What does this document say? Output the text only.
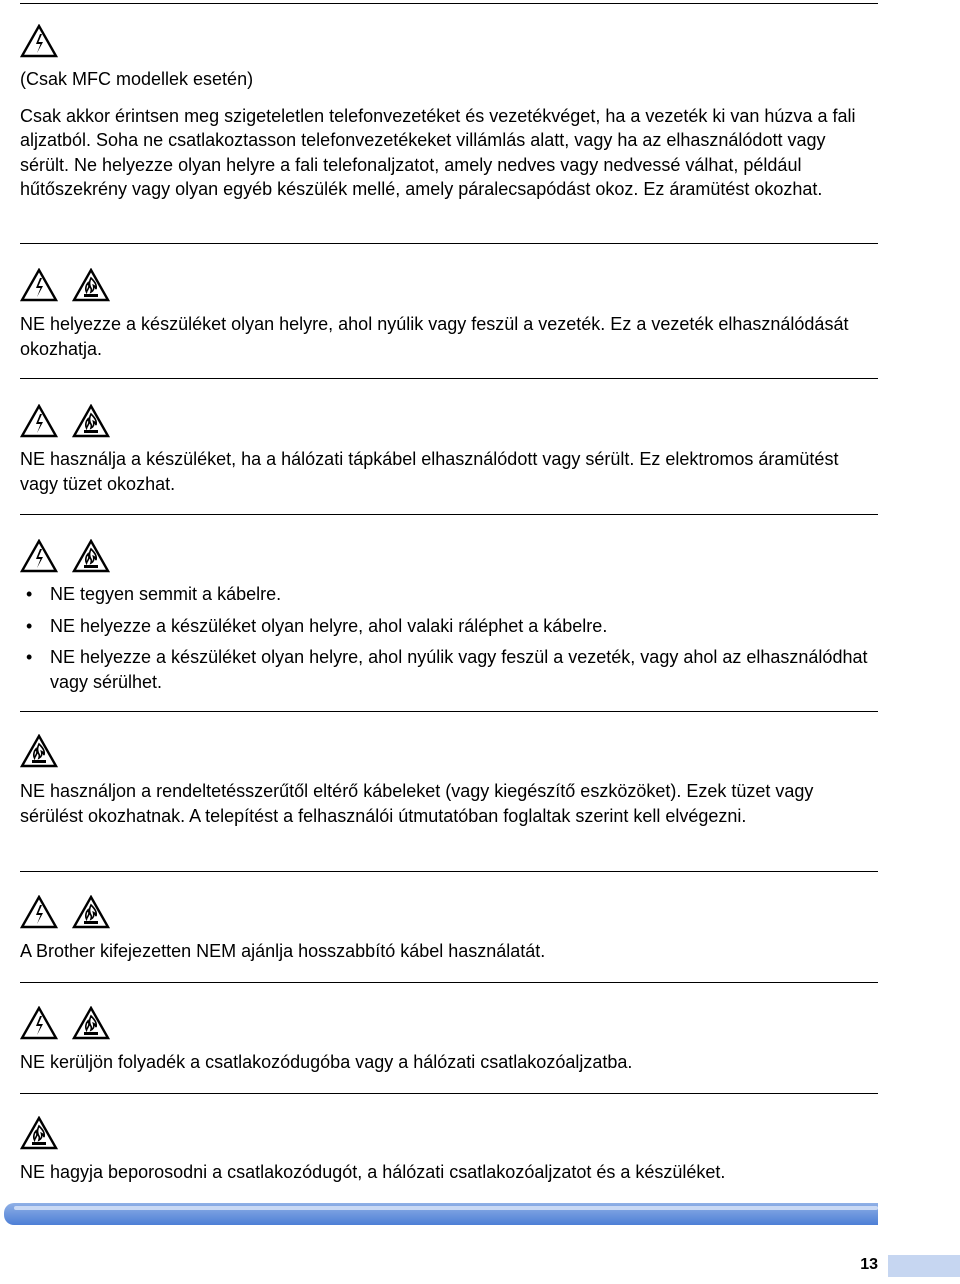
(Csak MFC modellek esetén)

Csak akkor érintsen meg szigeteletlen telefonvezetéket és vezetékvéget, ha a vezeték ki van húzva a fali aljzatból. Soha ne csatlakoztasson telefonvezetékeket villámlás alatt, vagy ha az elhasználódott vagy sérült. Ne helyezze olyan helyre a fali telefonaljzatot, amely nedves vagy nedvessé válhat, például hűtőszekrény vagy olyan egyéb készülék mellé, amely páralecsapódást okoz. Ez áramütést okozhat.

NE helyezze a készüléket olyan helyre, ahol nyúlik vagy feszül a vezeték. Ez a vezeték elhasználódását okozhatja.

NE használja a készüléket, ha a hálózati tápkábel elhasználódott vagy sérült. Ez elektromos áramütést vagy tüzet okozhat.

• NE tegyen semmit a kábelre.
• NE helyezze a készüléket olyan helyre, ahol valaki ráléphet a kábelre.
• NE helyezze a készüléket olyan helyre, ahol nyúlik vagy feszül a vezeték, vagy ahol az elhasználódhat vagy sérülhet.

NE használjon a rendeltetésszerűtől eltérő kábeleket (vagy kiegészítő eszközöket). Ezek tüzet vagy sérülést okozhatnak. A telepítést a felhasználói útmutatóban foglaltak szerint kell elvégezni.

A Brother kifejezetten NEM ajánlja hosszabbító kábel használatát.

NE kerüljön folyadék a csatlakozódugóba vagy a hálózati csatlakozóaljzatba.

NE hagyja beporosodni a csatlakozódugót, a hálózati csatlakozóaljzatot és a készüléket.

13
